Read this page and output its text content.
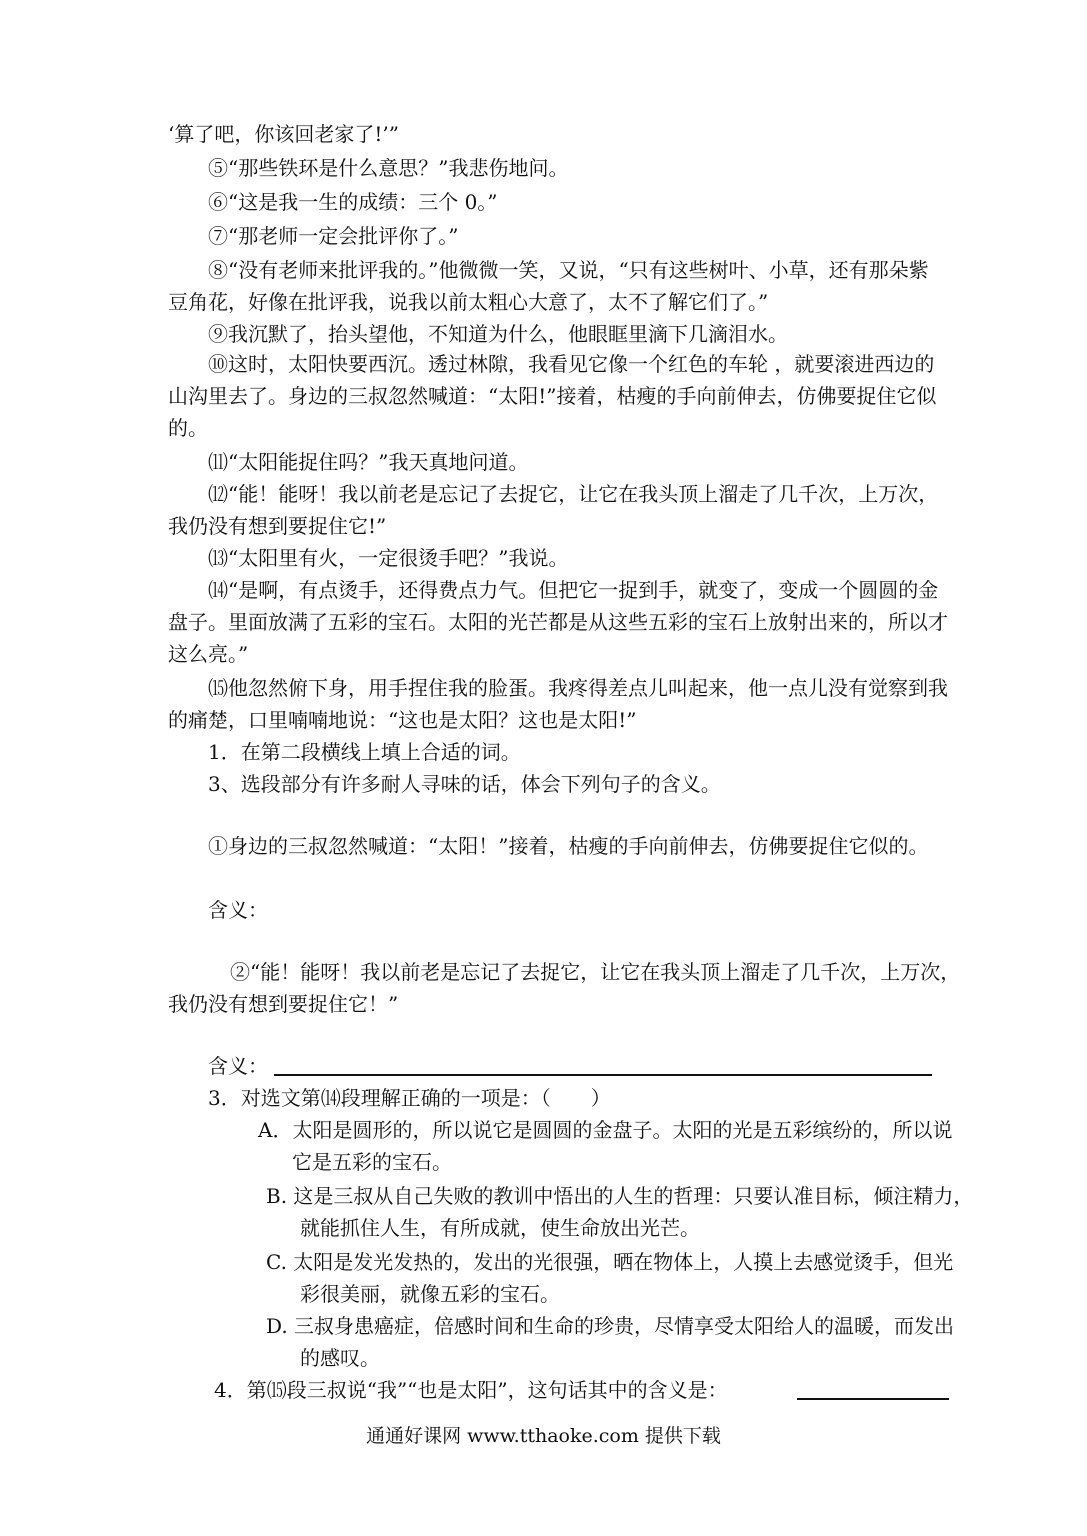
‘算了吧，你该回老家了!’”
⑤“那些铁环是什么意思？”我悲伤地问。
⑥“这是我一生的成绩：三个 0。”
⑦“那老师一定会批评你了。”
⑧“没有老师来批评我的。”他微微一笑，又说，“只有这些树叶、小草，还有那朵紫
豆角花，好像在批评我，说我以前太粗心大意了，太不了解它们了。”
⑨我沉默了，抬头望他，不知道为什么，他眼眶里滴下几滴泪水。
⑩这时，太阳快要西沉。透过林隙，我看见它像一个红色的车轮 ，就要滚进西边的
山沟里去了。身边的三叔忽然喊道：“太阳!”接着，枯瘦的手向前伸去，仿佛要捉住它似
的。
⑾“太阳能捉住吗？”我天真地问道。
⑿“能！能呀！我以前老是忘记了去捉它，让它在我头顶上溜走了几千次，上万次，
我仍没有想到要捉住它!”
⒀“太阳里有火，一定很烫手吧？”我说。
⒁“是啊，有点烫手，还得费点力气。但把它一捉到手，就变了，变成一个圆圆的金
盘子。里面放满了五彩的宝石。太阳的光芒都是从这些五彩的宝石上放射出来的，所以才
这么亮。”
⒂他忽然俯下身，用手捏住我的脸蛋。我疼得差点儿叫起来，他一点儿没有觉察到我
的痛楚，口里喃喃地说：“这也是太阳？这也是太阳!”
1．在第二段横线上填上合适的词。
3、选段部分有许多耐人寻味的话，体会下列句子的含义。
①身边的三叔忽然喊道：“太阳！”接着，枯瘦的手向前伸去，仿佛要捉住它似的。
含义：
②“能！能呀！我以前老是忘记了去捉它，让它在我头顶上溜走了几千次，上万次，
我仍没有想到要捉住它！”
含义：
3．对选文第⒁段理解正确的一项是：（　　）
A．太阳是圆形的，所以说它是圆圆的金盘子。太阳的光是五彩缤纷的，所以说
它是五彩的宝石。
B. 这是三叔从自己失败的教训中悟出的人生的哲理：只要认准目标，倾注精力，
就能抓住人生，有所成就，使生命放出光芒。
C. 太阳是发光发热的，发出的光很强，晒在物体上，人摸上去感觉烫手，但光
彩很美丽，就像五彩的宝石。
D. 三叔身患癌症，倍感时间和生命的珍贵，尽情享受太阳给人的温暖，而发出
的感叹。
4．第⒂段三叔说“我”“也是太阳”，这句话其中的含义是：
通通好课网 www.tthaoke.com 提供下载
